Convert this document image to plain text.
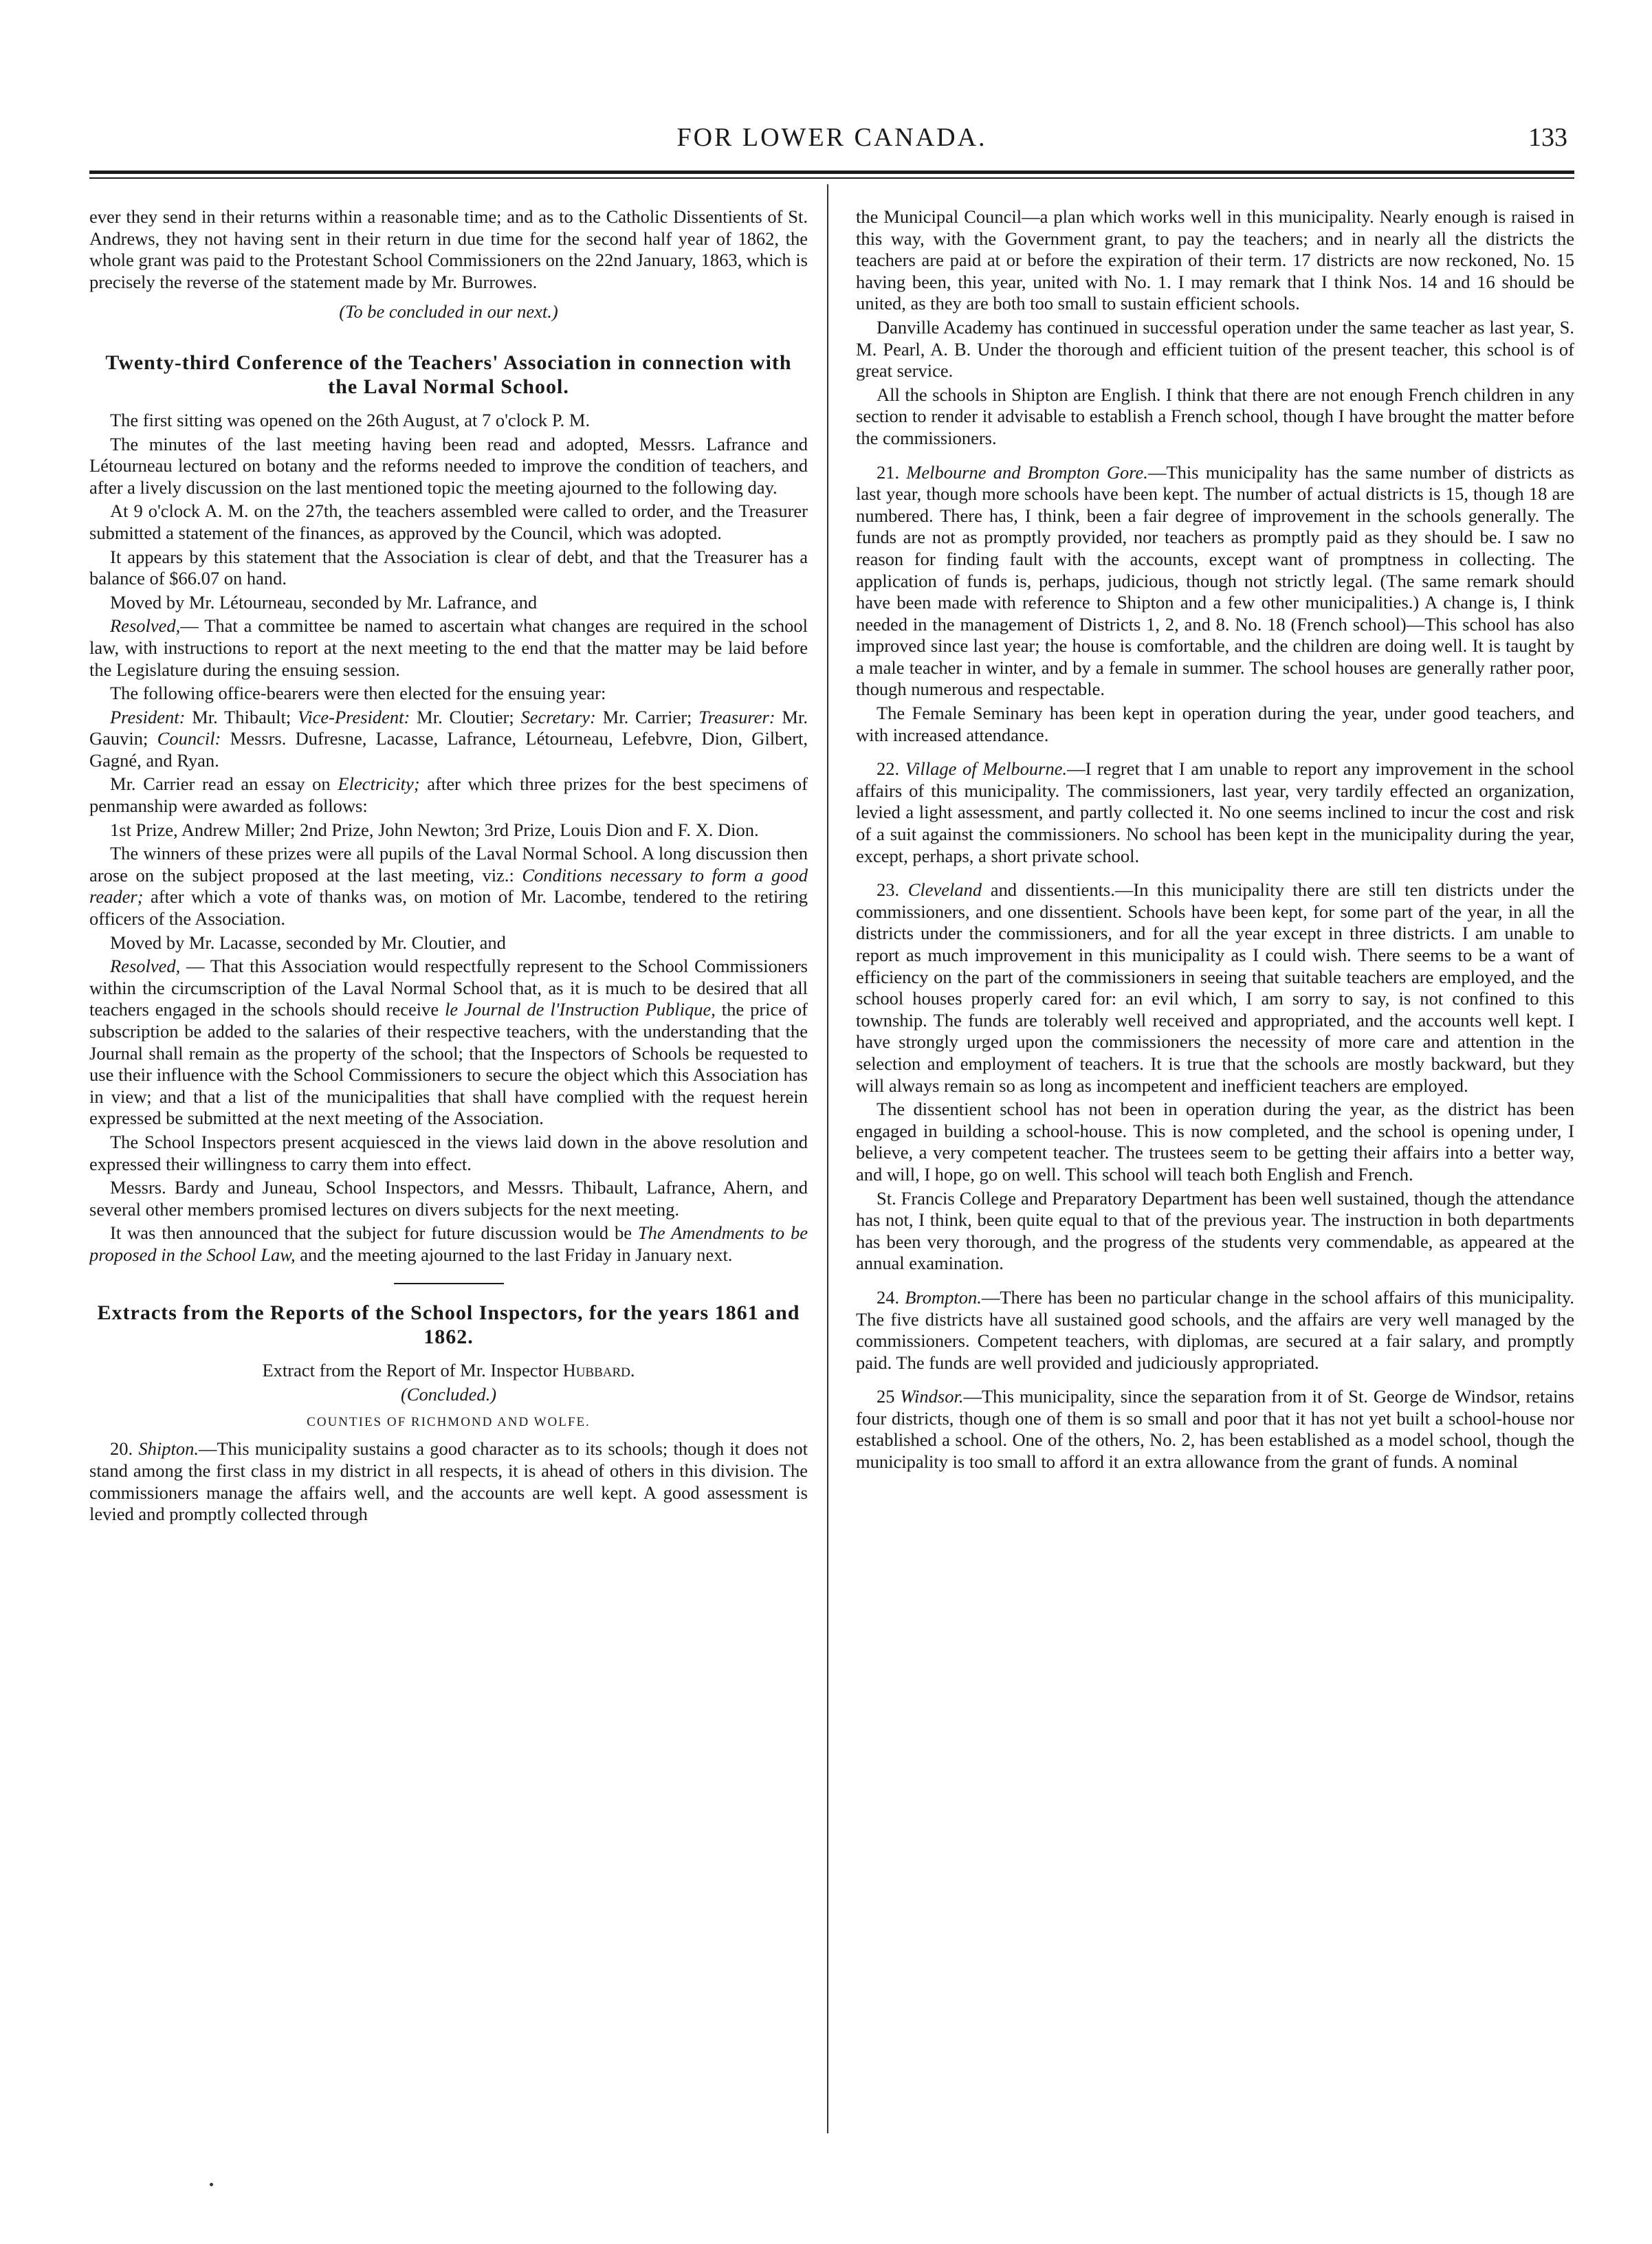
FOR LOWER CANADA.	133

ever they send in their returns within a reasonable time; and as to the Catholic Dissentients of St. Andrews, they not having sent in their return in due time for the second half year of 1862, the whole grant was paid to the Protestant School Commissioners on the 22nd January, 1863, which is precisely the reverse of the statement made by Mr. Burrowes.

(To be concluded in our next.)

Twenty-third Conference of the Teachers' Association in connection with the Laval Normal School.

The first sitting was opened on the 26th August, at 7 o'clock P. M.

The minutes of the last meeting having been read and adopted, Messrs. Lafrance and Létourneau lectured on botany and the reforms needed to improve the condition of teachers, and after a lively discussion on the last mentioned topic the meeting ajourned to the following day.

At 9 o'clock A. M. on the 27th, the teachers assembled were called to order, and the Treasurer submitted a statement of the finances, as approved by the Council, which was adopted.

It appears by this statement that the Association is clear of debt, and that the Treasurer has a balance of $66.07 on hand.

Moved by Mr. Létourneau, seconded by Mr. Lafrance, and

Resolved,— That a committee be named to ascertain what changes are required in the school law, with instructions to report at the next meeting to the end that the matter may be laid before the Legislature during the ensuing session.

The following office-bearers were then elected for the ensuing year:

President: Mr. Thibault; Vice-President: Mr. Cloutier; Secretary: Mr. Carrier; Treasurer: Mr. Gauvin; Council: Messrs. Dufresne, Lacasse, Lafrance, Létourneau, Lefebvre, Dion, Gilbert, Gagné, and Ryan.

Mr. Carrier read an essay on Electricity; after which three prizes for the best specimens of penmanship were awarded as follows:

1st Prize, Andrew Miller; 2nd Prize, John Newton; 3rd Prize, Louis Dion and F. X. Dion.

The winners of these prizes were all pupils of the Laval Normal School. A long discussion then arose on the subject proposed at the last meeting, viz.: Conditions necessary to form a good reader; after which a vote of thanks was, on motion of Mr. Lacombe, tendered to the retiring officers of the Association.

Moved by Mr. Lacasse, seconded by Mr. Cloutier, and

Resolved, — That this Association would respectfully represent to the School Commissioners within the circumscription of the Laval Normal School that, as it is much to be desired that all teachers engaged in the schools should receive le Journal de l'Instruction Publique, the price of subscription be added to the salaries of their respective teachers, with the understanding that the Journal shall remain as the property of the school; that the Inspectors of Schools be requested to use their influence with the School Commissioners to secure the object which this Association has in view; and that a list of the municipalities that shall have complied with the request herein expressed be submitted at the next meeting of the Association.

The School Inspectors present acquiesced in the views laid down in the above resolution and expressed their willingness to carry them into effect.

Messrs. Bardy and Juneau, School Inspectors, and Messrs. Thibault, Lafrance, Ahern, and several other members promised lectures on divers subjects for the next meeting.

It was then announced that the subject for future discussion would be The Amendments to be proposed in the School Law, and the meeting ajourned to the last Friday in January next.

Extracts from the Reports of the School Inspectors, for the years 1861 and 1862.

Extract from the Report of Mr. Inspector Hubbard.

(Concluded.)

COUNTIES OF RICHMOND AND WOLFE.

20. Shipton.—This municipality sustains a good character as to its schools; though it does not stand among the first class in my district in all respects, it is ahead of others in this division. The commissioners manage the affairs well, and the accounts are well kept. A good assessment is levied and promptly collected through

the Municipal Council—a plan which works well in this municipality. Nearly enough is raised in this way, with the Government grant, to pay the teachers; and in nearly all the districts the teachers are paid at or before the expiration of their term. 17 districts are now reckoned, No. 15 having been, this year, united with No. 1. I may remark that I think Nos. 14 and 16 should be united, as they are both too small to sustain efficient schools.

Danville Academy has continued in successful operation under the same teacher as last year, S. M. Pearl, A. B. Under the thorough and efficient tuition of the present teacher, this school is of great service.

All the schools in Shipton are English. I think that there are not enough French children in any section to render it advisable to establish a French school, though I have brought the matter before the commissioners.

21. Melbourne and Brompton Gore.—This municipality has the same number of districts as last year, though more schools have been kept. The number of actual districts is 15, though 18 are numbered. There has, I think, been a fair degree of improvement in the schools generally. The funds are not as promptly provided, nor teachers as promptly paid as they should be. I saw no reason for finding fault with the accounts, except want of promptness in collecting. The application of funds is, perhaps, judicious, though not strictly legal. (The same remark should have been made with reference to Shipton and a few other municipalities.) A change is, I think needed in the management of Districts 1, 2, and 8. No. 18 (French school)—This school has also improved since last year; the house is comfortable, and the children are doing well. It is taught by a male teacher in winter, and by a female in summer. The school houses are generally rather poor, though numerous and respectable.

The Female Seminary has been kept in operation during the year, under good teachers, and with increased attendance.

22. Village of Melbourne.—I regret that I am unable to report any improvement in the school affairs of this municipality. The commissioners, last year, very tardily effected an organization, levied a light assessment, and partly collected it. No one seems inclined to incur the cost and risk of a suit against the commissioners. No school has been kept in the municipality during the year, except, perhaps, a short private school.

23. Cleveland and dissentients.—In this municipality there are still ten districts under the commissioners, and one dissentient. Schools have been kept, for some part of the year, in all the districts under the commissioners, and for all the year except in three districts. I am unable to report as much improvement in this municipality as I could wish. There seems to be a want of efficiency on the part of the commissioners in seeing that suitable teachers are employed, and the school houses properly cared for: an evil which, I am sorry to say, is not confined to this township. The funds are tolerably well received and appropriated, and the accounts well kept. I have strongly urged upon the commissioners the necessity of more care and attention in the selection and employment of teachers. It is true that the schools are mostly backward, but they will always remain so as long as incompetent and inefficient teachers are employed.

The dissentient school has not been in operation during the year, as the district has been engaged in building a school-house. This is now completed, and the school is opening under, I believe, a very competent teacher. The trustees seem to be getting their affairs into a better way, and will, I hope, go on well. This school will teach both English and French.

St. Francis College and Preparatory Department has been well sustained, though the attendance has not, I think, been quite equal to that of the previous year. The instruction in both departments has been very thorough, and the progress of the students very commendable, as appeared at the annual examination.

24. Brompton.—There has been no particular change in the school affairs of this municipality. The five districts have all sustained good schools, and the affairs are very well managed by the commissioners. Competent teachers, with diplomas, are secured at a fair salary, and promptly paid. The funds are well provided and judiciously appropriated.

25 Windsor.—This municipality, since the separation from it of St. George de Windsor, retains four districts, though one of them is so small and poor that it has not yet built a school-house nor established a school. One of the others, No. 2, has been established as a model school, though the municipality is too small to afford it an extra allowance from the grant of funds. A nominal
